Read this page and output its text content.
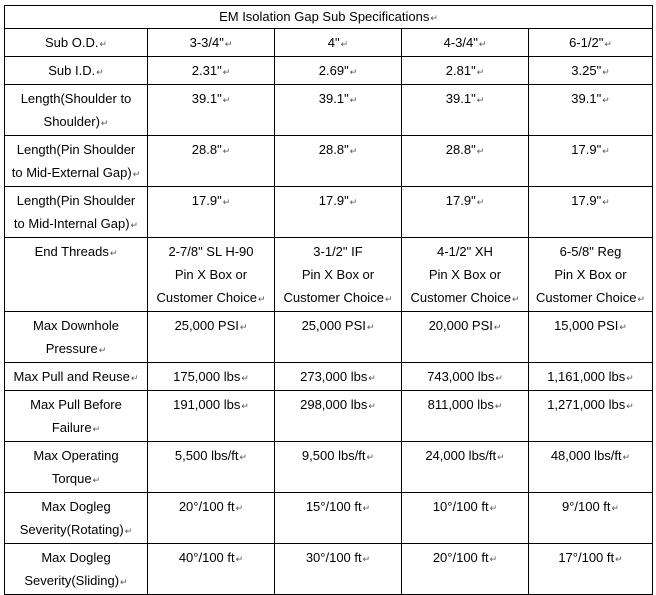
EM Isolation Gap Sub Specifications↵				
Sub O.D.↵	3-3/4"↵	4"↵	4-3/4"↵	6-1/2"↵
Sub I.D.↵	2.31"↵	2.69"↵	2.81"↵	3.25"↵
Length(Shoulder to
Shoulder)↵	39.1"↵	39.1"↵	39.1"↵	39.1"↵
Length(Pin Shoulder
to Mid-External Gap)↵	28.8"↵	28.8"↵	28.8"↵	17.9"↵
Length(Pin Shoulder
to Mid-Internal Gap)↵	17.9"↵	17.9"↵	17.9"↵	17.9"↵
End Threads↵	2-7/8" SL H-90
Pin X Box or
Customer Choice↵	3-1/2" IF
Pin X Box or
Customer Choice↵	4-1/2" XH
Pin X Box or
Customer Choice↵	6-5/8" Reg
Pin X Box or
Customer Choice↵
Max Downhole
Pressure↵	25,000 PSI↵	25,000 PSI↵	20,000 PSI↵	15,000 PSI↵
Max Pull and Reuse↵	175,000 lbs↵	273,000 lbs↵	743,000 lbs↵	1,161,000 lbs↵
Max Pull Before
Failure↵	191,000 lbs↵	298,000 lbs↵	811,000 lbs↵	1,271,000 lbs↵
Max Operating
Torque↵	5,500 lbs/ft↵	9,500 lbs/ft↵	24,000 lbs/ft↵	48,000 lbs/ft↵
Max Dogleg
Severity(Rotating)↵	20°/100 ft↵	15°/100 ft↵	10°/100 ft↵	9°/100 ft↵
Max Dogleg
Severity(Sliding)↵	40°/100 ft↵	30°/100 ft↵	20°/100 ft↵	17°/100 ft↵
